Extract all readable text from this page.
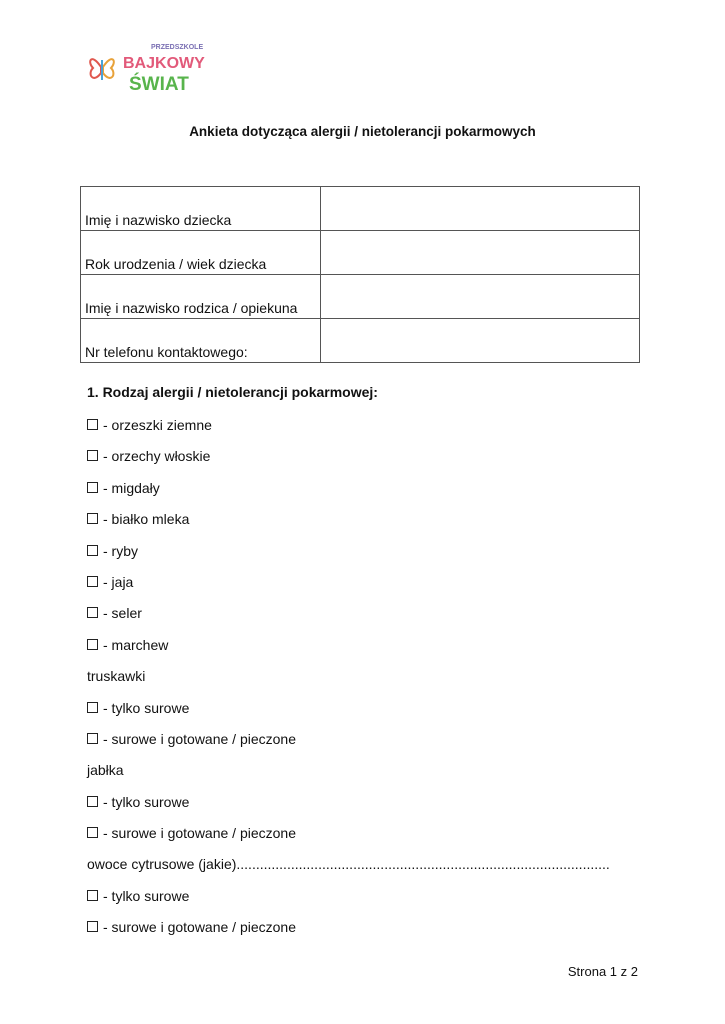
PRZEDSZKOLE
BAJKOWY
ŚWIAT
Ankieta dotycząca alergii / nietolerancji pokarmowych
Imię i nazwisko dziecka	
Rok urodzenia / wiek dziecka	
Imię i nazwisko rodzica / opiekuna	
Nr telefonu kontaktowego:	
1. Rodzaj alergii / nietolerancji pokarmowej:
- orzeszki ziemne
- orzechy włoskie
- migdały
- białko mleka
- ryby
- jaja
- seler
- marchew
truskawki
- tylko surowe
- surowe i gotowane / pieczone
jabłka
- tylko surowe
- surowe i gotowane / pieczone
owoce cytrusowe (jakie)................................................................................................
- tylko surowe
- surowe i gotowane / pieczone
Strona 1 z 2
